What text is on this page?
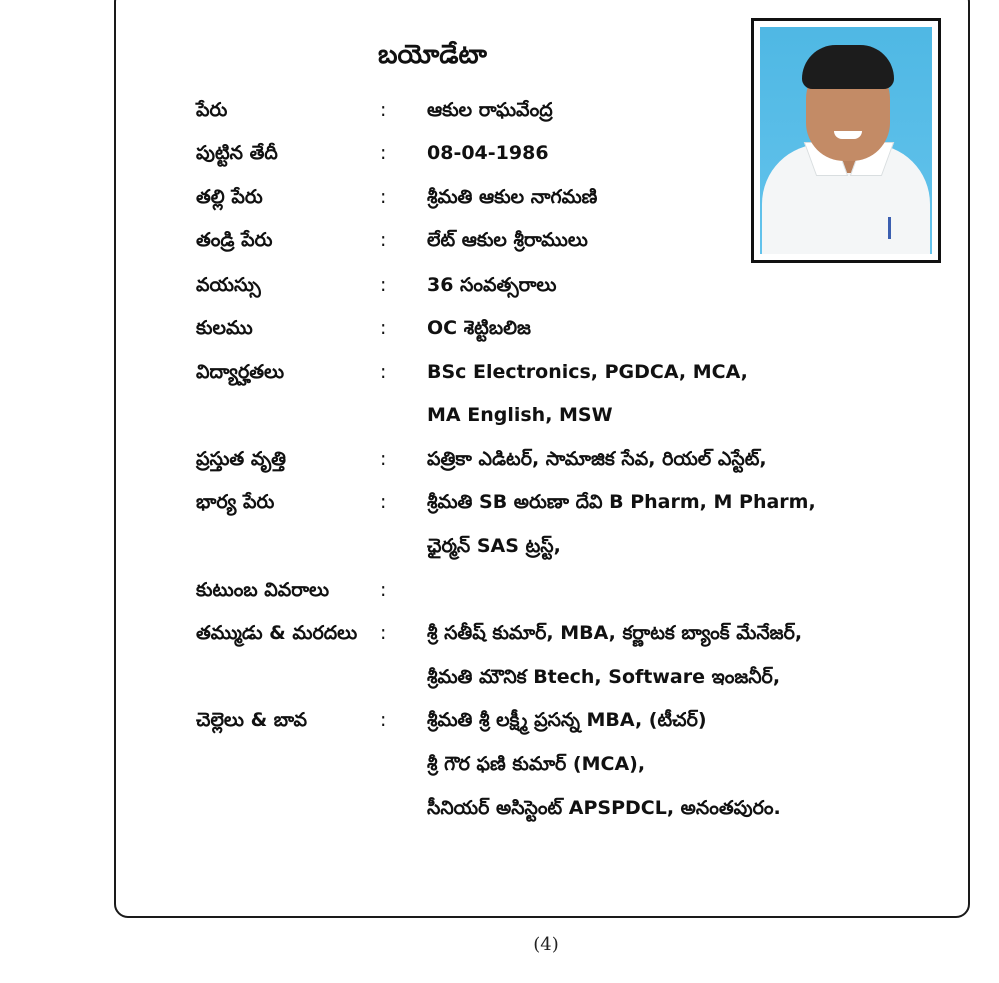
బయోడేటా
పేరు	: ఆకుల రాఘవేంద్ర
పుట్టిన తేదీ	: 08-04-1986
తల్లి పేరు	: శ్రీమతి ఆకుల నాగమణి
తండ్రి పేరు	: లేట్ ఆకుల శ్రీరాములు
వయస్సు	: 36 సంవత్సరాలు
కులము	: OC శెట్టిబలిజ
విద్యార్హతలు	: BSc Electronics, PGDCA, MCA,
MA English, MSW
ప్రస్తుత వృత్తి	: పత్రికా ఎడిటర్, సామాజిక సేవ, రియల్ ఎస్టేట్,
భార్య పేరు	: శ్రీమతి SB అరుణా దేవి B Pharm, M Pharm,
ఛైర్మన్ SAS ట్రస్ట్,
కుటుంబ వివరాలు	:
తమ్ముడు & మరదలు : శ్రీ సతీష్ కుమార్, MBA, కర్ణాటక బ్యాంక్ మేనేజర్,
శ్రీమతి మౌనిక Btech, Software ఇంజనీర్,
చెల్లెలు & బావ	: శ్రీమతి శ్రీ లక్ష్మీ ప్రసన్న MBA, (టీచర్)
శ్రీ గౌర ఫణి కుమార్ (MCA),
సీనియర్ అసిస్టెంట్ APSPDCL, అనంతపురం.
(4)
